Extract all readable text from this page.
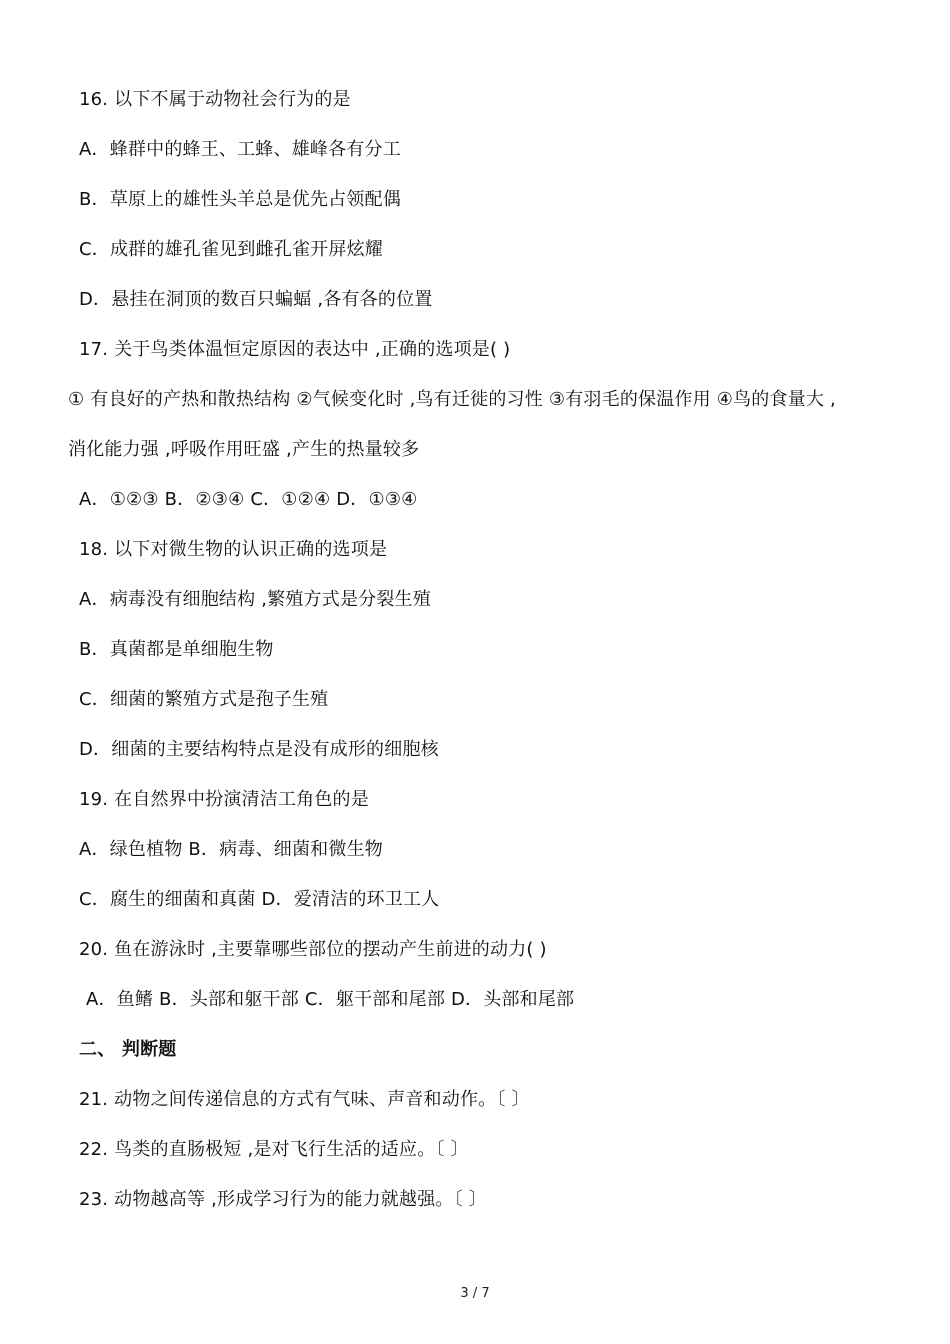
16. 以下不属于动物社会行为的是
A．蜂群中的蜂王、工蜂、雄峰各有分工
B．草原上的雄性头羊总是优先占领配偶
C．成群的雄孔雀见到雌孔雀开屏炫耀
D．悬挂在洞顶的数百只蝙蝠 ,各有各的位置
17. 关于鸟类体温恒定原因的表达中 ,正确的选项是( )
① 有良好的产热和散热结构 ②气候变化时 ,鸟有迁徙的习性 ③有羽毛的保温作用 ④鸟的食量大 ,
消化能力强 ,呼吸作用旺盛 ,产生的热量较多
A．①②③ B．②③④ C．①②④ D．①③④
18. 以下对微生物的认识正确的选项是
A．病毒没有细胞结构 ,繁殖方式是分裂生殖
B．真菌都是单细胞生物
C．细菌的繁殖方式是孢子生殖
D．细菌的主要结构特点是没有成形的细胞核
19. 在自然界中扮演清洁工角色的是
A．绿色植物 B．病毒、细菌和微生物
C．腐生的细菌和真菌 D．爱清洁的环卫工人
20. 鱼在游泳时 ,主要靠哪些部位的摆动产生前进的动力( )
A．鱼鳍 B．头部和躯干部 C．躯干部和尾部 D．头部和尾部
二、 判断题
21. 动物之间传递信息的方式有气味、声音和动作。〔 〕
22. 鸟类的直肠极短 ,是对飞行生活的适应。〔 〕
23. 动物越高等 ,形成学习行为的能力就越强。〔 〕
3 / 7
